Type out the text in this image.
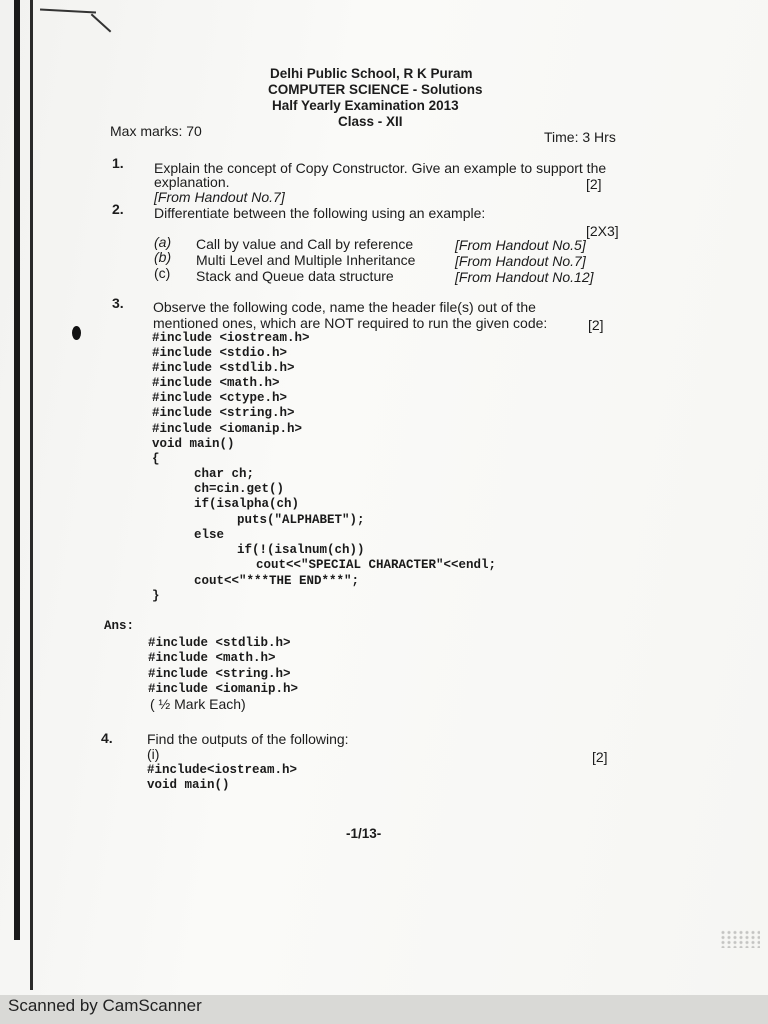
Delhi Public School, R K Puram
COMPUTER SCIENCE - Solutions
Half Yearly Examination 2013
Class - XII
Max marks: 70	Time: 3 Hrs
1. Explain the concept of Copy Constructor. Give an example to support the
explanation.	[2]
[From Handout No.7]
2. Differentiate between the following using an example:
[2X3]
(a) Call by value and Call by reference	[From Handout No.5]
(b) Multi Level and Multiple Inheritance	[From Handout No.7]
(c) Stack and Queue data structure	[From Handout No.12]
3. Observe the following code, name the header file(s) out of the
mentioned ones, which are NOT required to run the given code:	[2]
#include <iostream.h>
#include <stdio.h>
#include <stdlib.h>
#include <math.h>
#include <ctype.h>
#include <string.h>
#include <iomanip.h>
void main()
{
char ch;
ch=cin.get()
if(isalpha(ch)
puts("ALPHABET");
else
if(!(isalnum(ch))
cout<<"SPECIAL CHARACTER"<<endl;
cout<<"***THE END***";
}
Ans:
#include <stdlib.h>
#include <math.h>
#include <string.h>
#include <iomanip.h>
( ½ Mark Each)
4. Find the outputs of the following:
(i)	[2]
#include<iostream.h>
void main()
-1/13-
Scanned by CamScanner
